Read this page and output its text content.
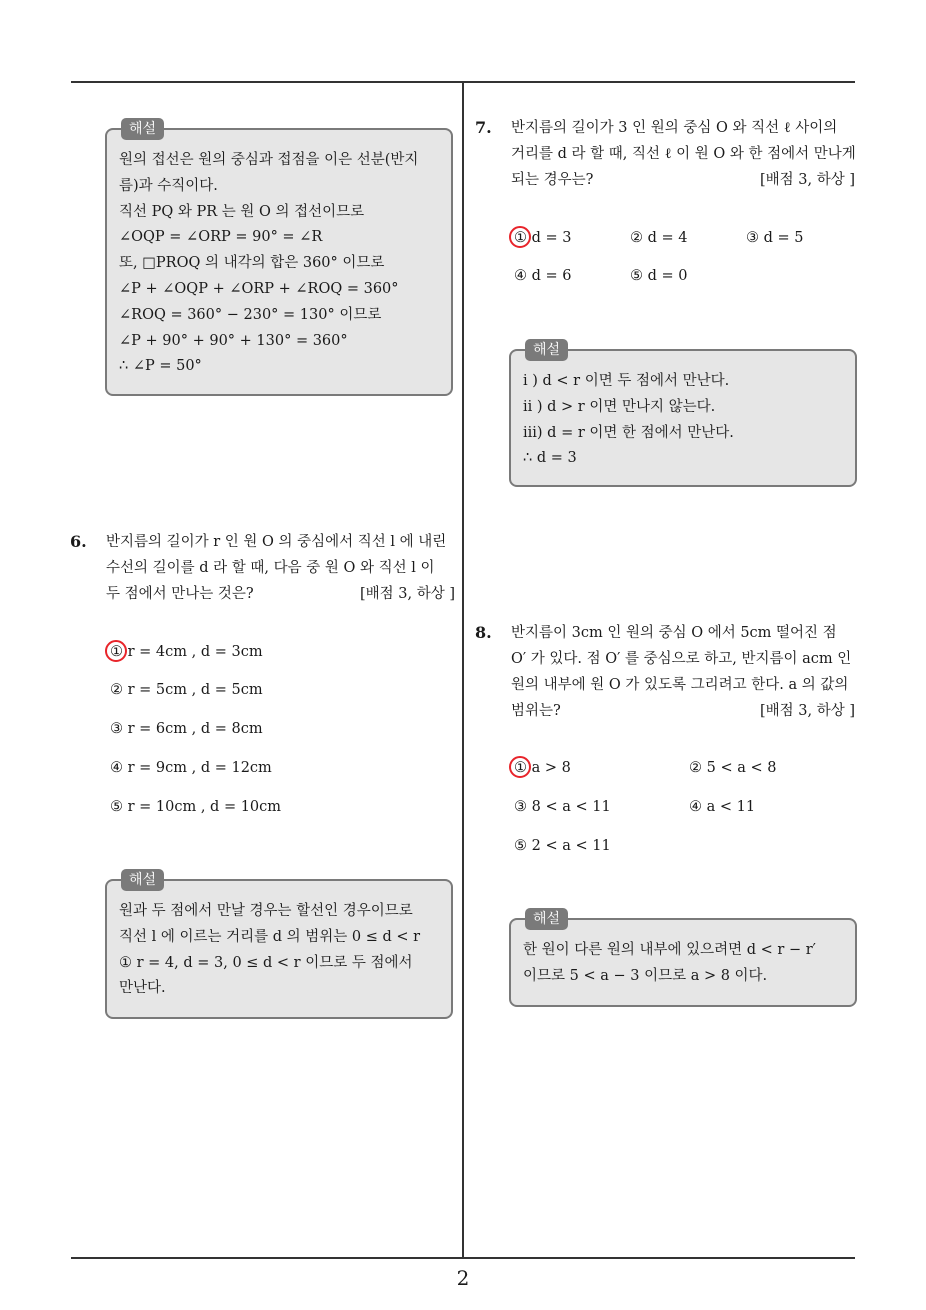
해설
원의 접선은 원의 중심과 접점을 이은 선분(반지
름)과 수직이다.
직선 PQ 와 PR 는 원 O 의 접선이므로
∠OQP = ∠ORP = 90° = ∠R
또, □PROQ 의 내각의 합은 360° 이므로
∠P + ∠OQP + ∠ORP + ∠ROQ = 360°
∠ROQ = 360° − 230° = 130° 이므로
∠P + 90° + 90° + 130° = 360°
∴ ∠P = 50°
6. 반지름의 길이가 r 인 원 O 의 중심에서 직선 l 에 내린
수선의 길이를 d 라 할 때, 다음 중 원 O 와 직선 l 이
두 점에서 만나는 것은?	[배점 3, 하상 ]
① r = 4cm , d = 3cm
② r = 5cm , d = 5cm
③ r = 6cm , d = 8cm
④ r = 9cm , d = 12cm
⑤ r = 10cm , d = 10cm
해설
원과 두 점에서 만날 경우는 할선인 경우이므로
직선 l 에 이르는 거리를 d 의 범위는 0 ≤ d < r
① r = 4, d = 3, 0 ≤ d < r 이므로 두 점에서
만난다.
7. 반지름의 길이가 3 인 원의 중심 O 와 직선 ℓ 사이의
거리를 d 라 할 때, 직선 ℓ 이 원 O 와 한 점에서 만나게
되는 경우는?	[배점 3, 하상 ]
① d = 3	② d = 4	③ d = 5
④ d = 6	⑤ d = 0
해설
i ) d < r 이면 두 점에서 만난다.
ii ) d > r 이면 만나지 않는다.
iii) d = r 이면 한 점에서 만난다.
∴ d = 3
8. 반지름이 3cm 인 원의 중심 O 에서 5cm 떨어진 점
O′ 가 있다. 점 O′ 를 중심으로 하고, 반지름이 acm 인
원의 내부에 원 O 가 있도록 그리려고 한다. a 의 값의
범위는?	[배점 3, 하상 ]
① a > 8	② 5 < a < 8
③ 8 < a < 11	④ a < 11
⑤ 2 < a < 11
해설
한 원이 다른 원의 내부에 있으려면 d < r − r′
이므로 5 < a − 3 이므로 a > 8 이다.
2
